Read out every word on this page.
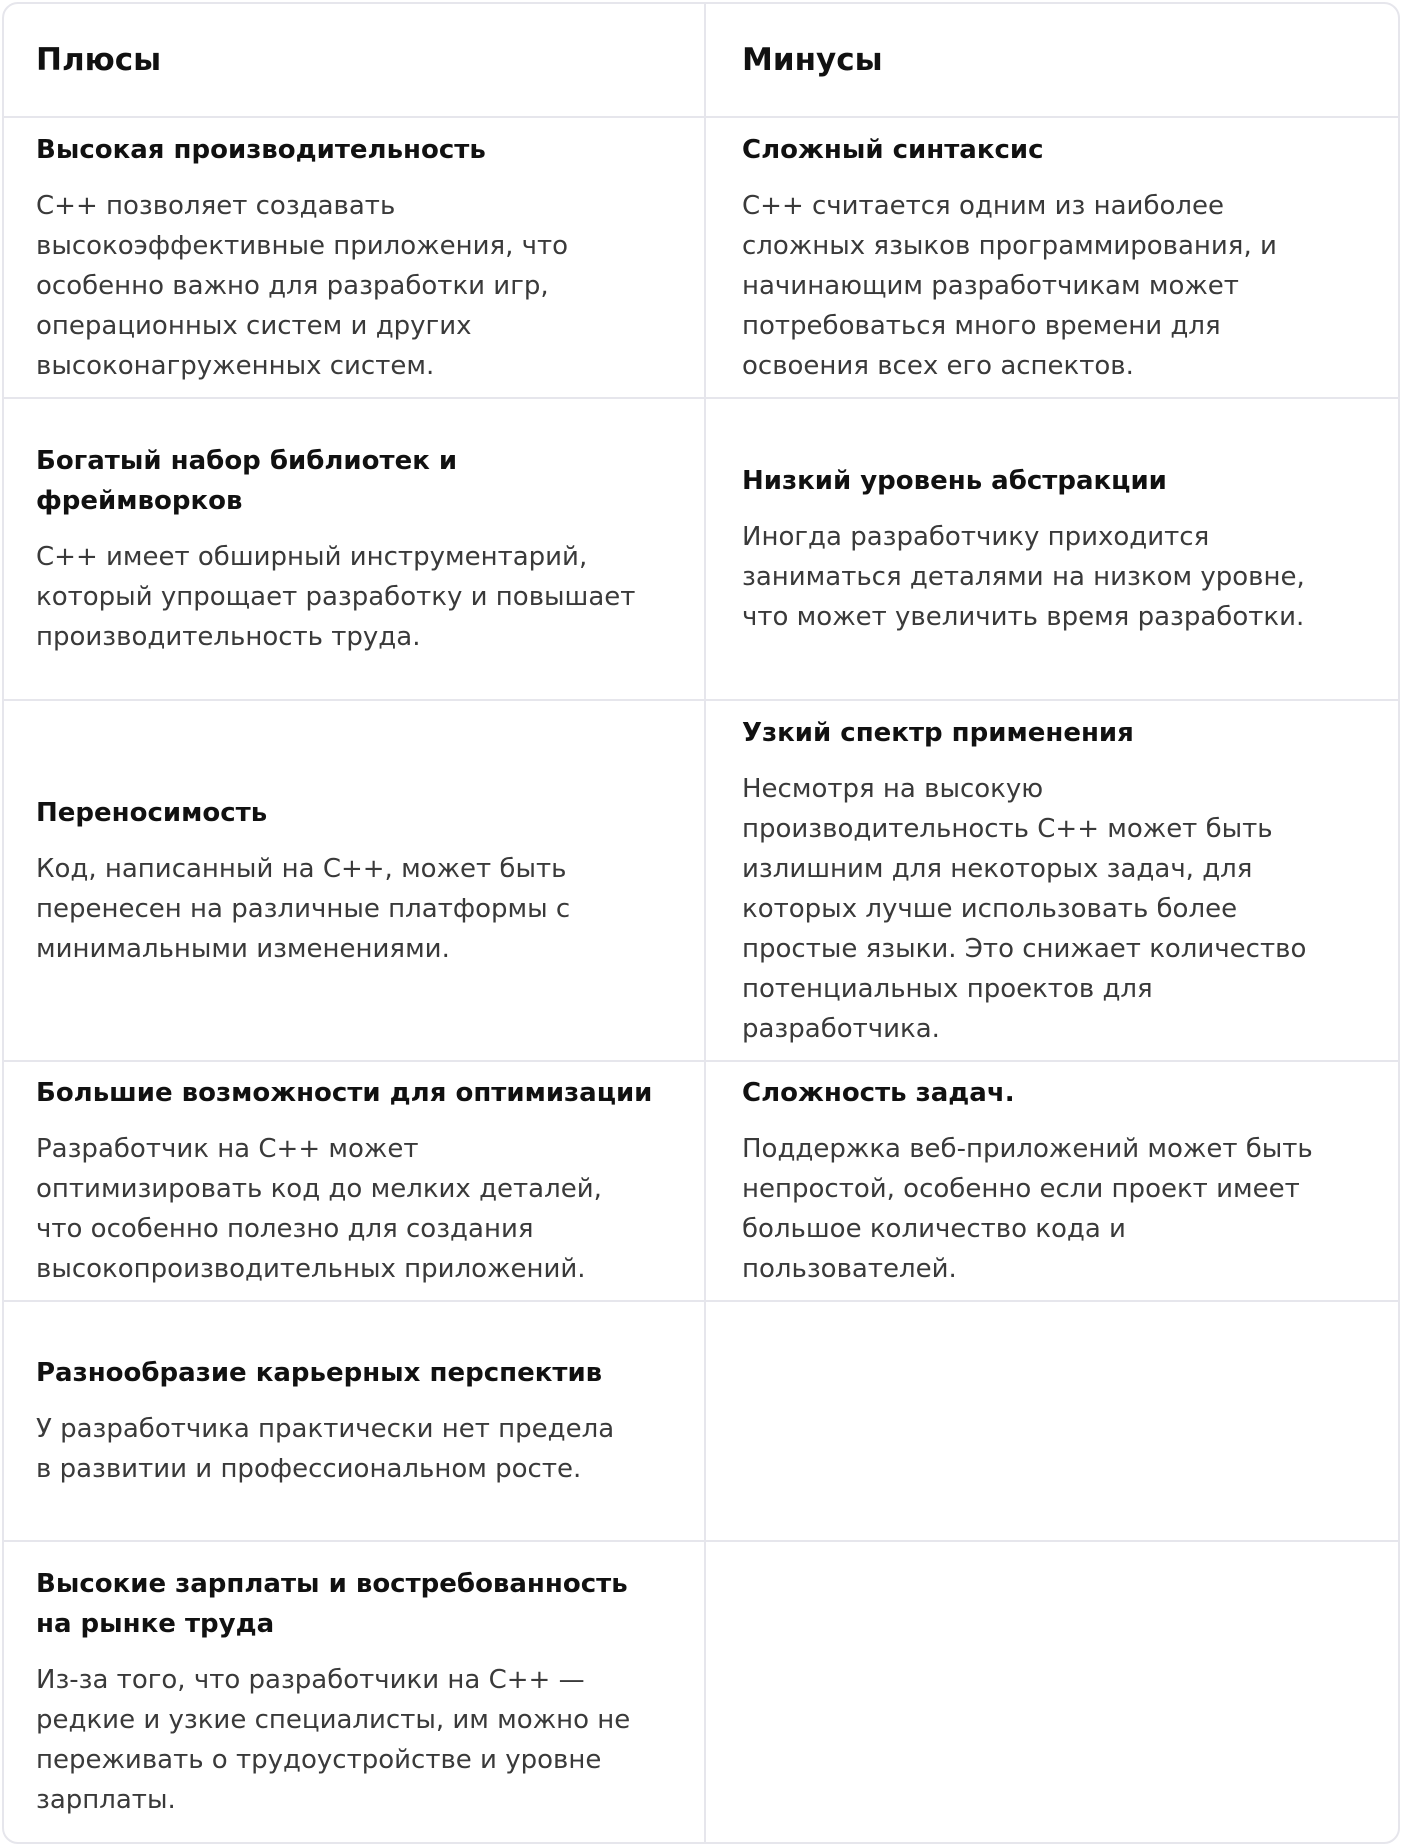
Плюсы	Минусы
Высокая производительность
C++ позволяет создавать
высокоэффективные приложения, что
особенно важно для разработки игр,
операционных систем и других
высоконагруженных систем.
Богатый набор библиотек и
фреймворков
C++ имеет обширный инструментарий,
который упрощает разработку и повышает
производительность труда.
Переносимость
Код, написанный на C++, может быть
перенесен на различные платформы с
минимальными изменениями.
Большие возможности для оптимизации
Разработчик на C++ может
оптимизировать код до мелких деталей,
что особенно полезно для создания
высокопроизводительных приложений.
Разнообразие карьерных перспектив
У разработчика практически нет предела
в развитии и профессиональном росте.
Высокие зарплаты и востребованность
на рынке труда
Из-за того, что разработчики на C++ —
редкие и узкие специалисты, им можно не
переживать о трудоустройстве и уровне
зарплаты.
Сложный синтаксис
C++ считается одним из наиболее
сложных языков программирования, и
начинающим разработчикам может
потребоваться много времени для
освоения всех его аспектов.
Низкий уровень абстракции
Иногда разработчику приходится
заниматься деталями на низком уровне,
что может увеличить время разработки.
Узкий спектр применения
Несмотря на высокую
производительность C++ может быть
излишним для некоторых задач, для
которых лучше использовать более
простые языки. Это снижает количество
потенциальных проектов для
разработчика.
Сложность задач.
Поддержка веб-приложений может быть
непростой, особенно если проект имеет
большое количество кода и
пользователей.
